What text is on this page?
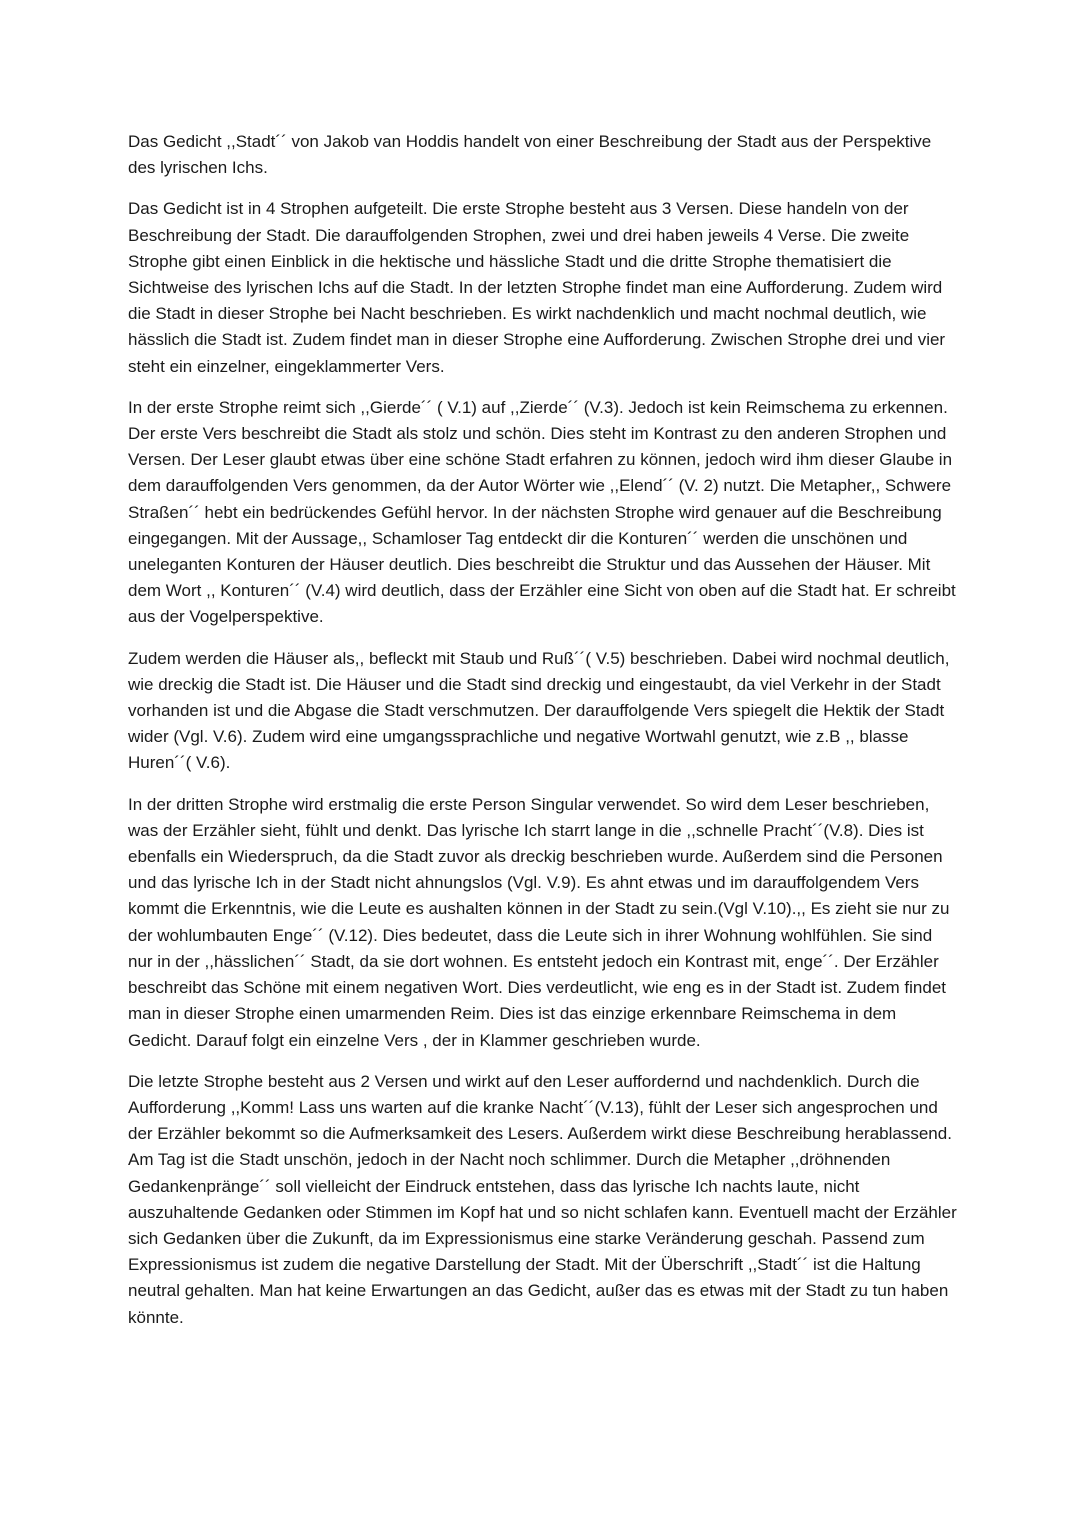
Das Gedicht ,,Stadt´´ von Jakob van Hoddis handelt von einer Beschreibung der Stadt aus der Perspektive des lyrischen Ichs.

Das Gedicht ist in 4 Strophen aufgeteilt. Die erste Strophe besteht aus 3 Versen. Diese handeln von der Beschreibung der Stadt. Die darauffolgenden Strophen, zwei und drei haben jeweils 4 Verse. Die zweite Strophe gibt einen Einblick in die hektische und hässliche Stadt und die dritte Strophe thematisiert die Sichtweise des lyrischen Ichs auf die Stadt. In der letzten Strophe findet man eine Aufforderung. Zudem wird die Stadt in dieser Strophe bei Nacht beschrieben. Es wirkt nachdenklich und macht nochmal deutlich, wie hässlich die Stadt ist. Zudem findet man in dieser Strophe eine Aufforderung. Zwischen Strophe drei und vier steht ein einzelner, eingeklammerter Vers.

In der erste Strophe reimt sich ,,Gierde´´ ( V.1) auf ,,Zierde´´ (V.3). Jedoch ist kein Reimschema zu erkennen. Der erste Vers beschreibt die Stadt als stolz und schön. Dies steht im Kontrast zu den anderen Strophen und Versen. Der Leser glaubt etwas über eine schöne Stadt erfahren zu können, jedoch wird ihm dieser Glaube in dem darauffolgenden Vers genommen, da der Autor Wörter wie ,,Elend´´ (V. 2) nutzt. Die Metapher,, Schwere Straßen´´ hebt ein bedrückendes Gefühl hervor. In der nächsten Strophe wird genauer auf die Beschreibung eingegangen. Mit der Aussage,, Schamloser Tag entdeckt dir die Konturen´´ werden die unschönen und uneleganten Konturen der Häuser deutlich. Dies beschreibt die Struktur und das Aussehen der Häuser. Mit dem Wort ,, Konturen´´ (V.4) wird deutlich, dass der Erzähler eine Sicht von oben auf die Stadt hat. Er schreibt aus der Vogelperspektive.

Zudem werden die Häuser als,, befleckt mit Staub und Ruß´´( V.5) beschrieben. Dabei wird nochmal deutlich, wie dreckig die Stadt ist. Die Häuser und die Stadt sind dreckig und eingestaubt, da viel Verkehr in der Stadt vorhanden ist und die Abgase die Stadt verschmutzen. Der darauffolgende Vers spiegelt die Hektik der Stadt wider (Vgl. V.6). Zudem wird eine umgangssprachliche und negative Wortwahl genutzt, wie z.B ,, blasse Huren´´( V.6).

In der dritten Strophe wird erstmalig die erste Person Singular verwendet. So wird dem Leser beschrieben, was der Erzähler sieht, fühlt und denkt. Das lyrische Ich starrt lange in die ,,schnelle Pracht´´(V.8). Dies ist ebenfalls ein Wiederspruch, da die Stadt zuvor als dreckig beschrieben wurde. Außerdem sind die Personen und das lyrische Ich in der Stadt nicht ahnungslos (Vgl. V.9). Es ahnt etwas und im darauffolgendem Vers kommt die Erkenntnis, wie die Leute es aushalten können in der Stadt zu sein.(Vgl V.10).,, Es zieht sie nur zu der wohlumbauten Enge´´ (V.12). Dies bedeutet, dass die Leute sich in ihrer Wohnung wohlfühlen. Sie sind nur in der ,,hässlichen´´ Stadt, da sie dort wohnen. Es entsteht jedoch ein Kontrast mit, enge´´. Der Erzähler beschreibt das Schöne mit einem negativen Wort. Dies verdeutlicht, wie eng es in der Stadt ist. Zudem findet man in dieser Strophe einen umarmenden Reim. Dies ist das einzige erkennbare Reimschema in dem Gedicht. Darauf folgt ein einzelne Vers , der in Klammer geschrieben wurde.

Die letzte Strophe besteht aus 2 Versen und wirkt auf den Leser auffordernd und nachdenklich. Durch die Aufforderung ,,Komm! Lass uns warten auf die kranke Nacht´´(V.13), fühlt der Leser sich angesprochen und der Erzähler bekommt so die Aufmerksamkeit des Lesers. Außerdem wirkt diese Beschreibung herablassend. Am Tag ist die Stadt unschön, jedoch in der Nacht noch schlimmer. Durch die Metapher ,,dröhnenden Gedankenpränge´´ soll vielleicht der Eindruck entstehen, dass das lyrische Ich nachts laute, nicht auszuhaltende Gedanken oder Stimmen im Kopf hat und so nicht schlafen kann. Eventuell macht der Erzähler sich Gedanken über die Zukunft, da im Expressionismus eine starke Veränderung geschah. Passend zum Expressionismus ist zudem die negative Darstellung der Stadt. Mit der Überschrift ,,Stadt´´ ist die Haltung neutral gehalten. Man hat keine Erwartungen an das Gedicht, außer das es etwas mit der Stadt zu tun haben könnte.
